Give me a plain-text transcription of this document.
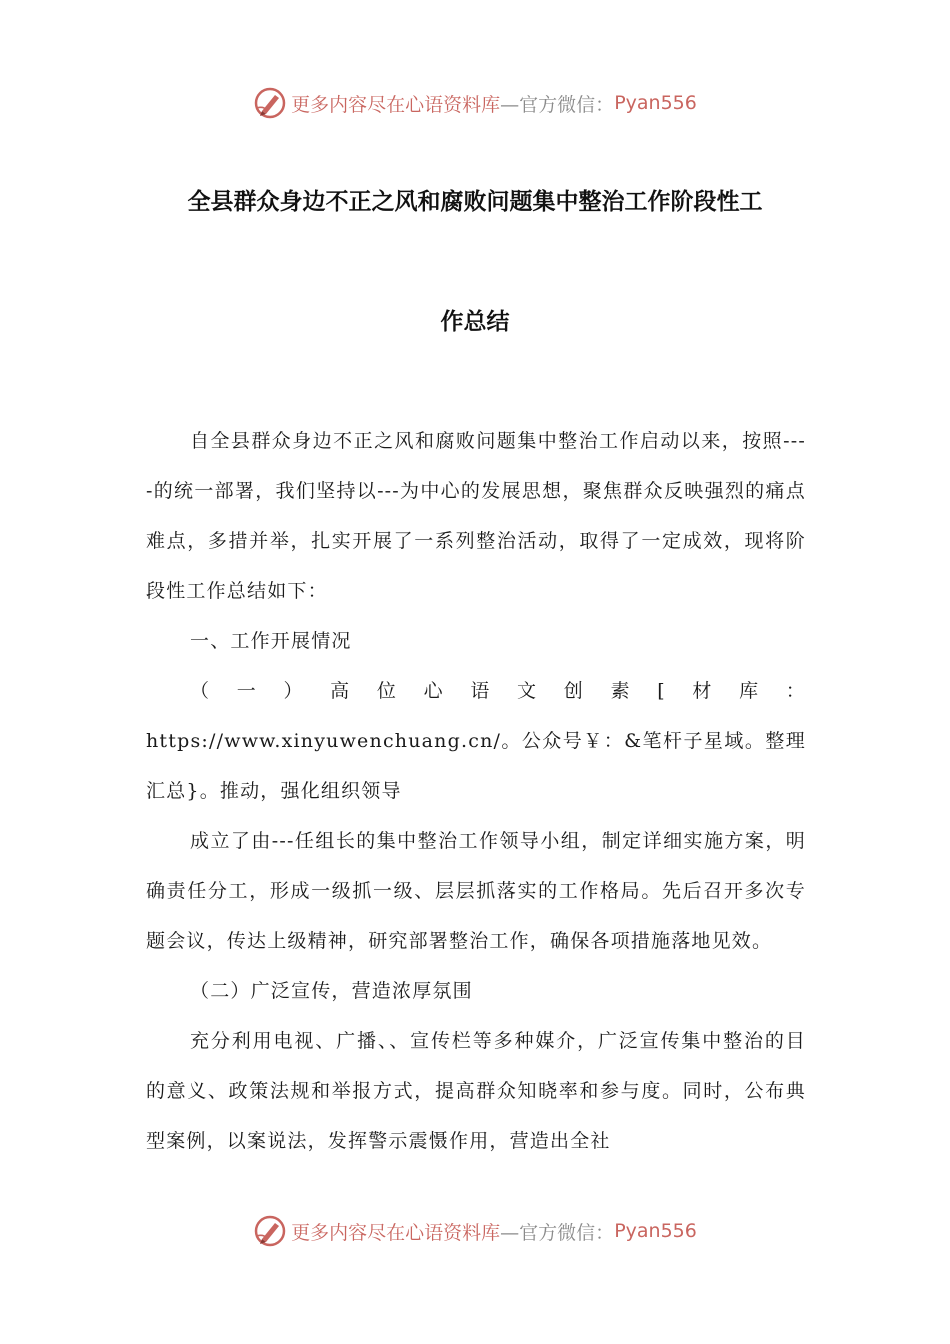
更多内容尽在心语资料库 —官方微信： Pyan556
全县群众身边不正之风和腐败问题集中整治工作阶段性工
作总结

自全县群众身边不正之风和腐败问题集中整治工作启动以来，按照----的统一部署，我们坚持以---为中心的发展思想，聚焦群众反映强烈的痛点难点，多措并举，扎实开展了一系列整治活动，取得了一定成效，现将阶段性工作总结如下：

一、工作开展情况

（一）高位心语文创素[材库：https://www.xinyuwenchuang.cn/。公众号￥：&笔杆子星域。整理汇总}。推动，强化组织领导

成立了由---任组长的集中整治工作领导小组，制定详细实施方案，明确责任分工，形成一级抓一级、层层抓落实的工作格局。先后召开多次专题会议，传达上级精神，研究部署整治工作，确保各项措施落地见效。

（二）广泛宣传，营造浓厚氛围

充分利用电视、广播、、宣传栏等多种媒介，广泛宣传集中整治的目的意义、政策法规和举报方式，提高群众知晓率和参与度。同时，公布典型案例，以案说法，发挥警示震慑作用，营造出全社

更多内容尽在心语资料库 —官方微信： Pyan556
